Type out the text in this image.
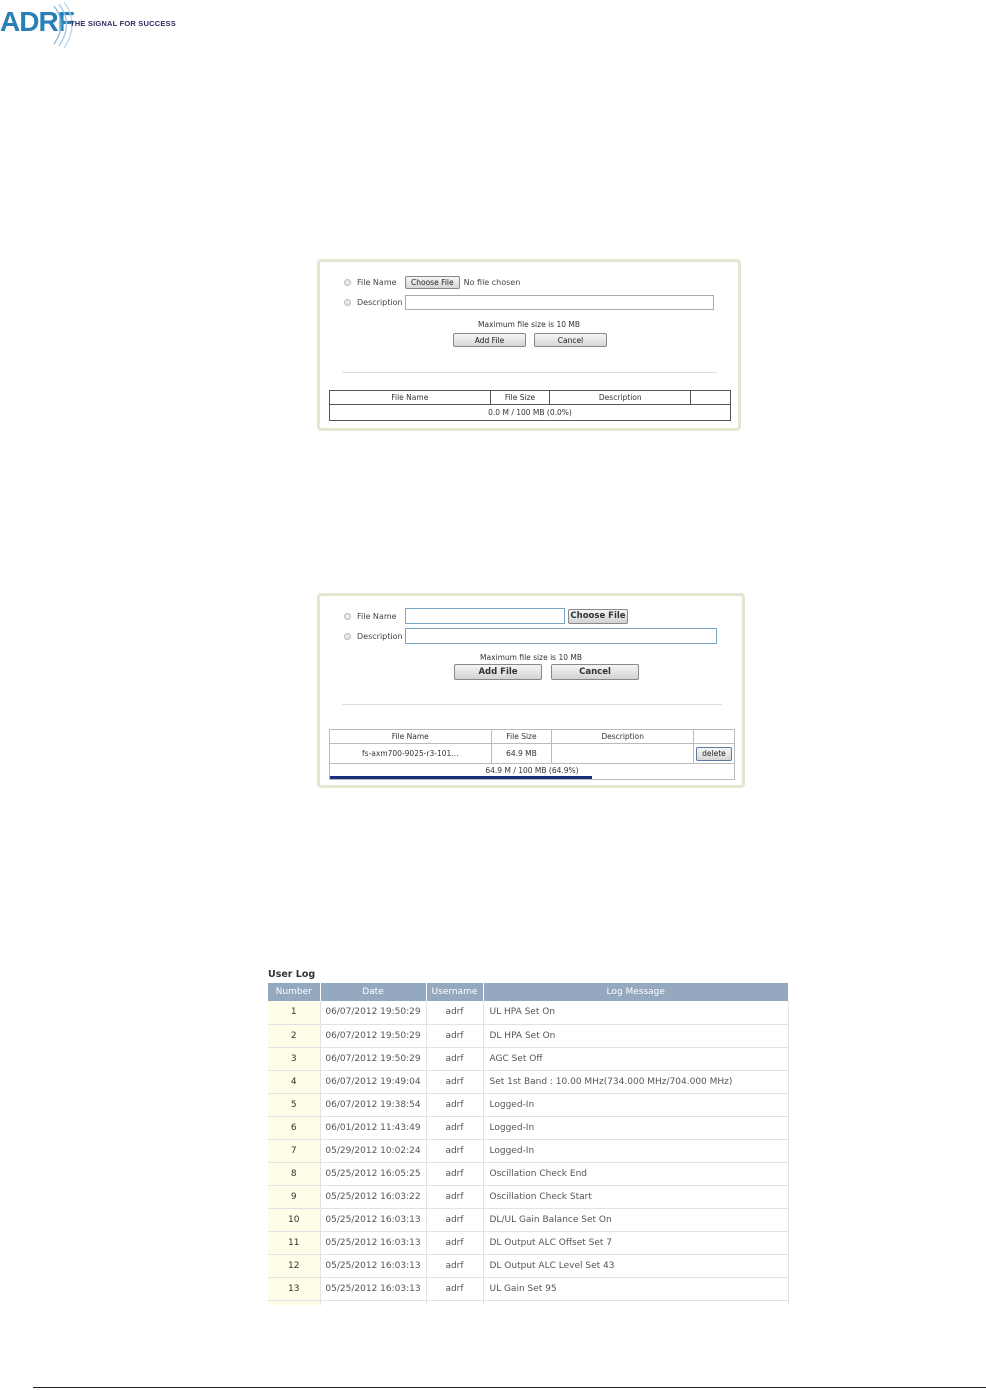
ADRF
THE SIGNAL FOR SUCCESS
File Name	Choose File	No file chosen
Description
Maximum file size is 10 MB
Add File	Cancel
File Name	File Size	Description	
0.0 M / 100 MB (0.0%)
File Name	Choose File
Description
Maximum file size is 10 MB
Add File	Cancel
File Name	File Size	Description	
fs-axm700-9025-r3-101...	64.9 MB		delete
64.9 M / 100 MB (64.9%)			
User Log
Number	Date	Username	Log Message
1	06/07/2012 19:50:29	adrf	UL HPA Set On
2	06/07/2012 19:50:29	adrf	DL HPA Set On
3	06/07/2012 19:50:29	adrf	AGC Set Off
4	06/07/2012 19:49:04	adrf	Set 1st Band : 10.00 MHz(734.000 MHz/704.000 MHz)
5	06/07/2012 19:38:54	adrf	Logged-In
6	06/01/2012 11:43:49	adrf	Logged-In
7	05/29/2012 10:02:24	adrf	Logged-In
8	05/25/2012 16:05:25	adrf	Oscillation Check End
9	05/25/2012 16:03:22	adrf	Oscillation Check Start
10	05/25/2012 16:03:13	adrf	DL/UL Gain Balance Set On
11	05/25/2012 16:03:13	adrf	DL Output ALC Offset Set 7
12	05/25/2012 16:03:13	adrf	DL Output ALC Level Set 43
13	05/25/2012 16:03:13	adrf	UL Gain Set 95
